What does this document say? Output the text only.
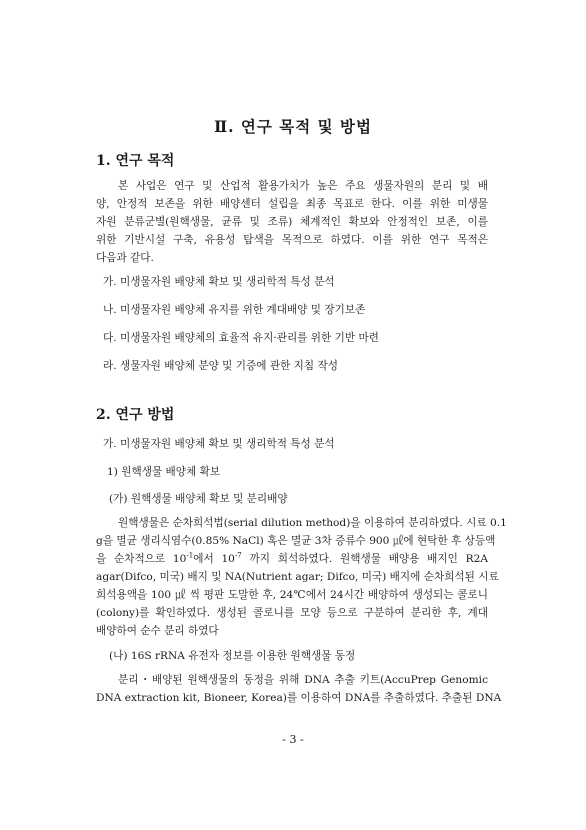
Ⅱ. 연구 목적 및 방법
1. 연구 목적
본 사업은 연구 및 산업적 활용가치가 높은 주요 생물자원의 분리 및 배
양, 안정적 보존을 위한 배양센터 설립을 최종 목표로 한다. 이를 위한 미생물
자원 분류군별(원핵생물, 균류 및 조류) 체계적인 확보와 안정적인 보존, 이를
위한 기반시설 구축, 유용성 탐색을 목적으로 하였다. 이를 위한 연구 목적은
다음과 같다.
가. 미생물자원 배양체 확보 및 생리학적 특성 분석
나. 미생물자원 배양체 유지를 위한 계대배양 및 장기보존
다. 미생물자원 배양체의 효율적 유지·관리를 위한 기반 마련
라. 생물자원 배양체 분양 및 기증에 관한 지침 작성
2. 연구 방법
가. 미생물자원 배양체 확보 및 생리학적 특성 분석
1) 원핵생물 배양체 확보
(가) 원핵생물 배양체 확보 및 분리배양
원핵생물은 순차희석법(serial dilution method)을 이용하여 분리하였다. 시료 0.1
g을 멸균 생리식염수(0.85% NaCl) 혹은 멸균 3차 증류수 900 ㎕에 현탁한 후 상등액
을 순차적으로 $10^{-1}$에서 $10^{-7}$ 까지 희석하였다. 원핵생물 배양용 배지인 R2A
agar(Difco, 미국) 배지 및 NA(Nutrient agar; Difco, 미국) 배지에 순차희석된 시료
희석용액을 100 ㎕ 씩 평판 도말한 후, 24℃에서 24시간 배양하여 생성되는 콜로니
(colony)를 확인하였다. 생성된 콜로니를 모양 등으로 구분하여 분리한 후, 계대
배양하여 순수 분리 하였다
(나) 16S rRNA 유전자 정보를 이용한 원핵생물 동정
분리・배양된 원핵생물의 동정을 위해 DNA 추출 키트(AccuPrep Genomic
DNA extraction kit, Bioneer, Korea)를 이용하여 DNA를 추출하였다. 추출된 DNA
- 3 -
